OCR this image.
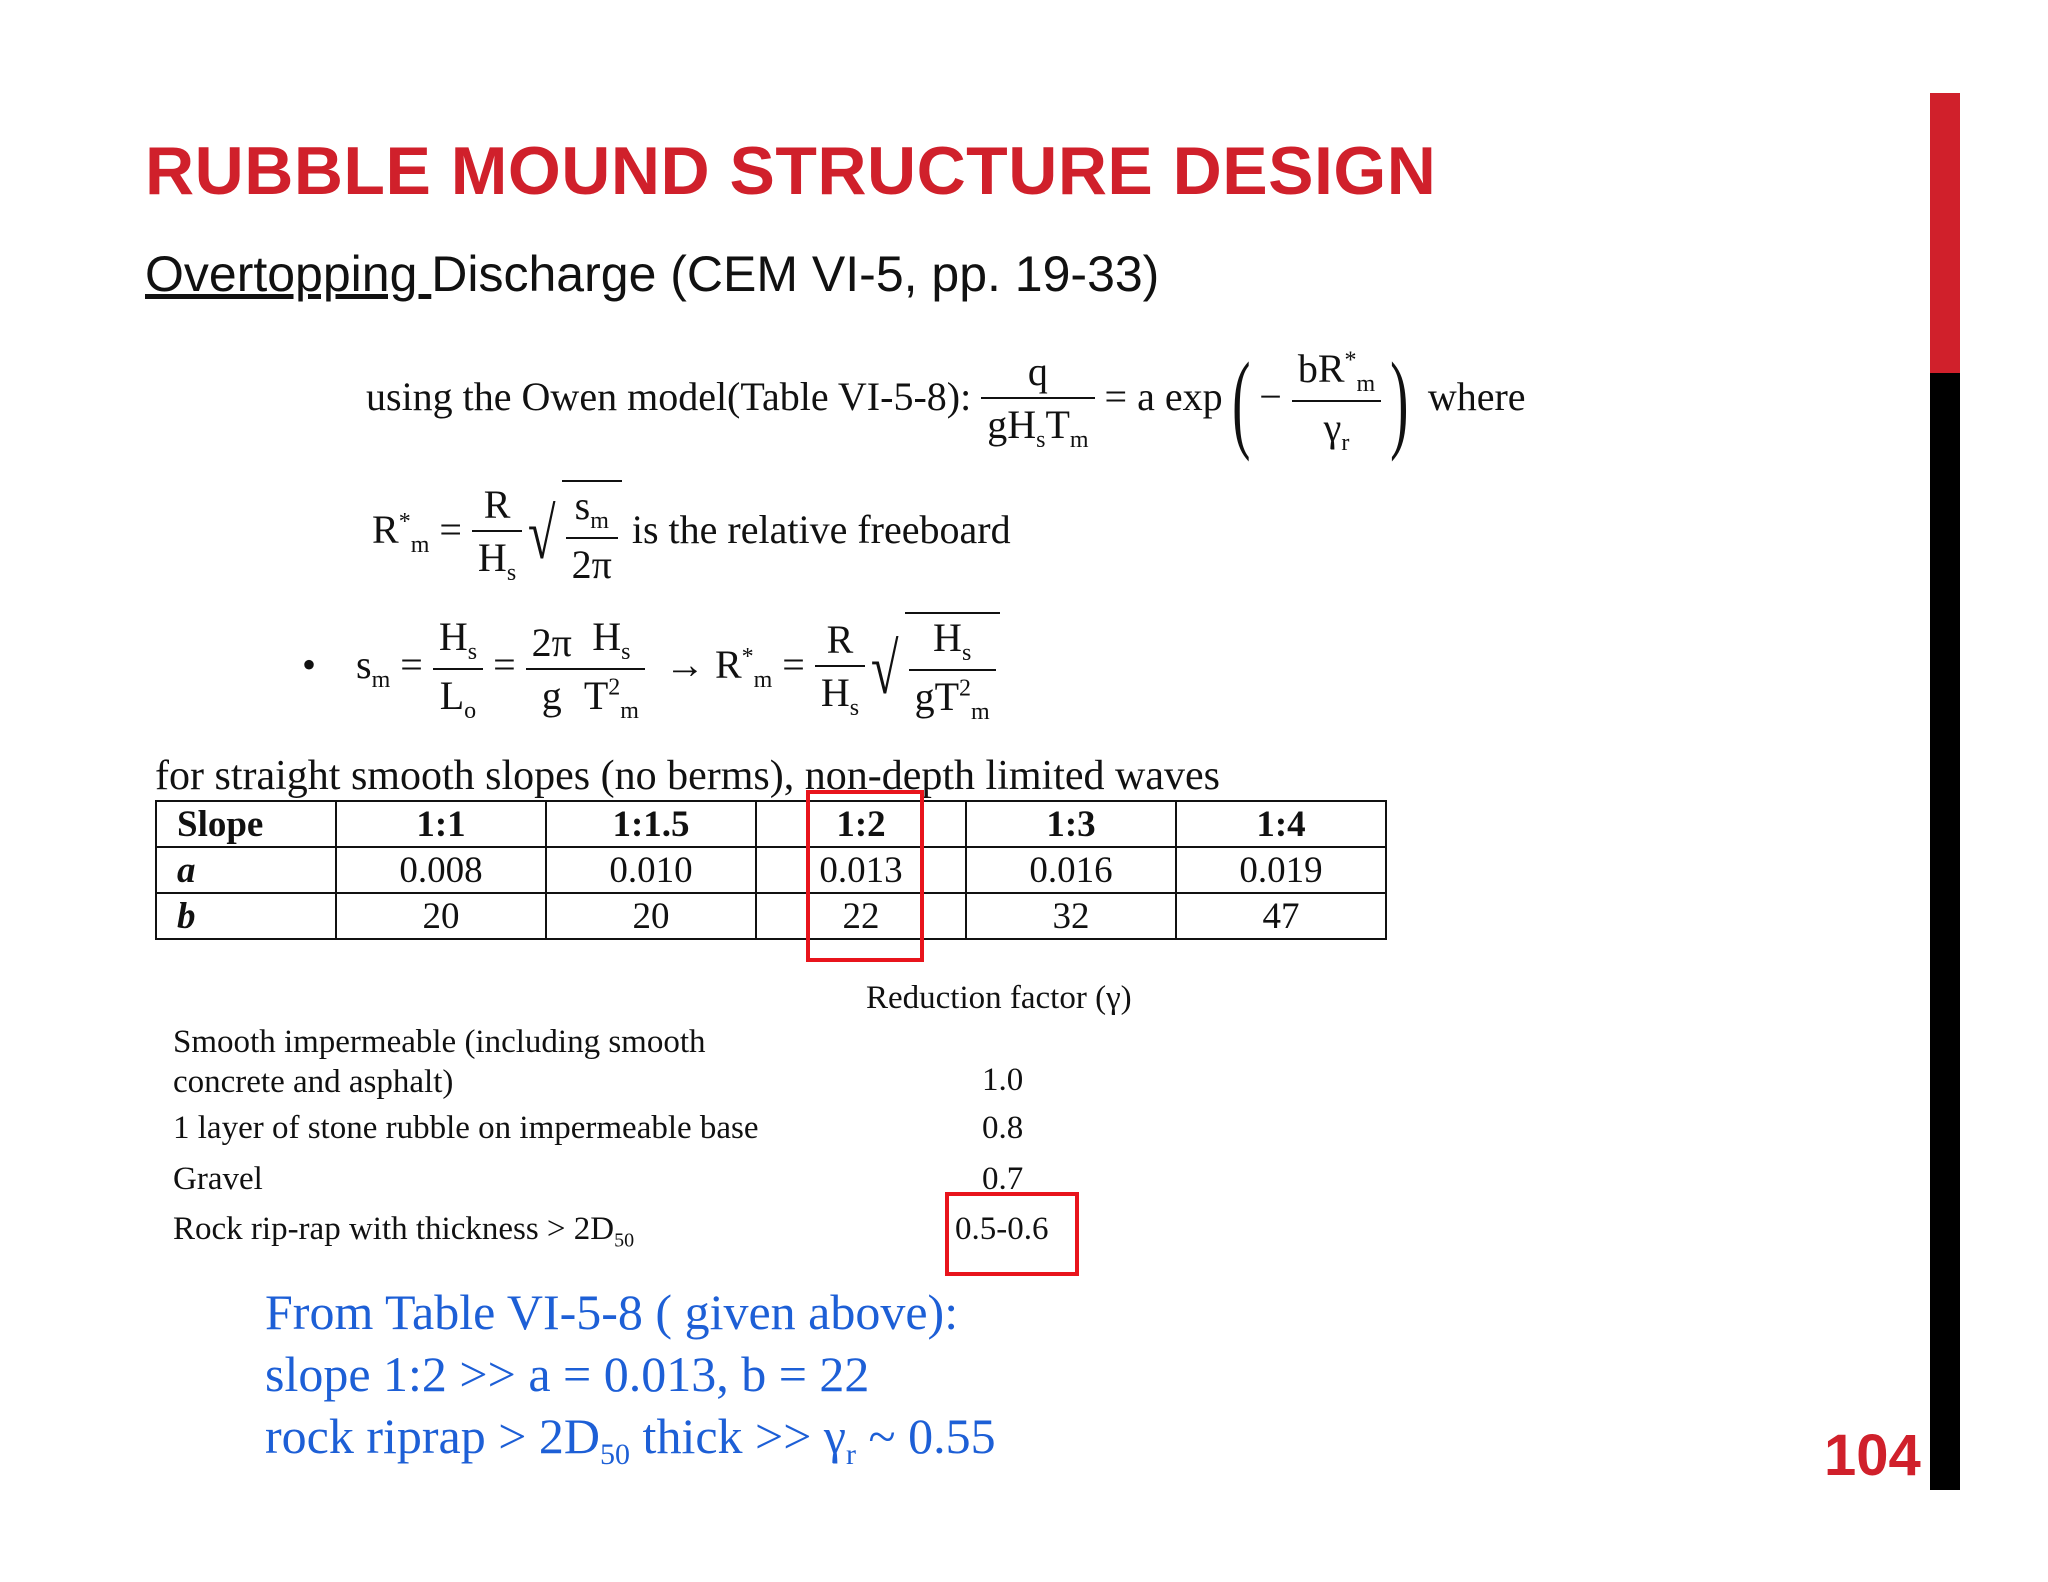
RUBBLE MOUND STRUCTURE DESIGN
Overtopping Discharge (CEM VI-5, pp. 19-33)
104
using the Owen model(Table VI-5-8): $\frac{q}{gH_sT_m} = a$ $\exp( - \frac{bR^*_m}{\gamma_r}$ ) where
$R^*_m = \frac{R}{H_s}$ √ $\frac{s_m}{2\pi}$ is the relative freeboard
• $s_m = \frac{H_s}{L_o} = \frac{2\pi}{g} \frac{H_s}{T^2_m} \to R^*_m = \frac{R}{H_s}$ √ $\frac{H_s}{gT^2_m}$
for straight smooth slopes (no berms), non-depth limited waves
Slope	1:1	1:1.5	1:2	1:3	1:4
a	0.008	0.010	0.013	0.016	0.019
b	20	20	22	32	47
Reduction factor (γ)
Smooth impermeable (including smooth
concrete and asphalt)	1.0
1 layer of stone rubble on impermeable base	0.8
Gravel	0.7
Rock rip-rap with thickness > $2D_{50}$	0.5-0.6
From Table VI-5-8 ( given above):
slope 1:2 >> a = 0.013, b = 22
rock riprap > $2D_{50}$ thick >> $\gamma_r$ ~ 0.55
